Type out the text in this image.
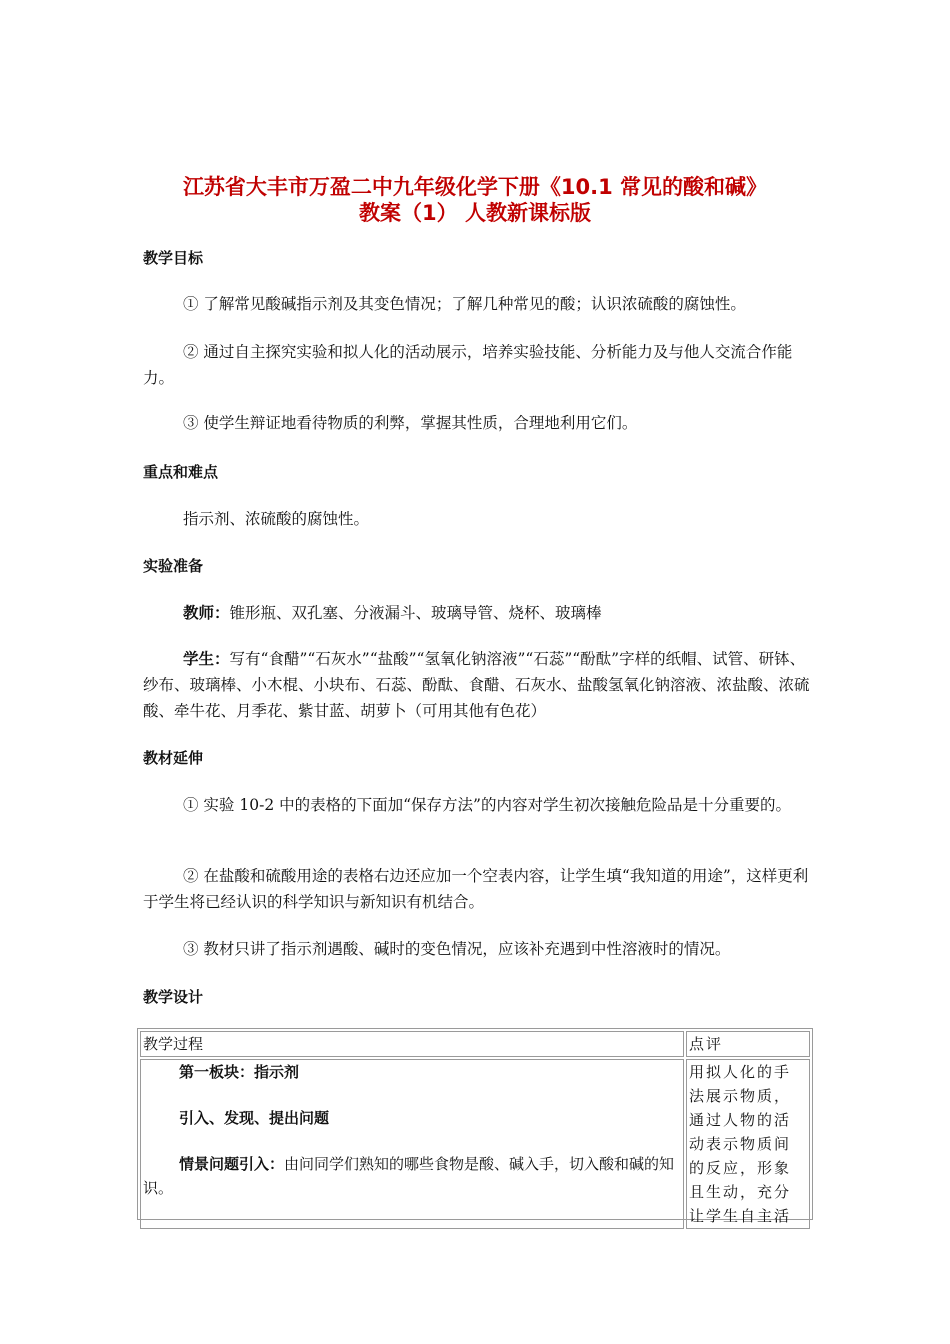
江苏省大丰市万盈二中九年级化学下册《10.1 常见的酸和碱》
教案（1） 人教新课标版
教学目标
① 了解常见酸碱指示剂及其变色情况；了解几种常见的酸；认识浓硫酸的腐蚀性。
② 通过自主探究实验和拟人化的活动展示，培养实验技能、分析能力及与他人交流合作能力。
③ 使学生辩证地看待物质的利弊，掌握其性质，合理地利用它们。
重点和难点
指示剂、浓硫酸的腐蚀性。
实验准备
教师：锥形瓶、双孔塞、分液漏斗、玻璃导管、烧杯、玻璃棒
学生：写有“食醋”“石灰水”“盐酸”“氢氧化钠溶液”“石蕊”“酚酞”字样的纸帽、试管、研钵、纱布、玻璃棒、小木棍、小块布、石蕊、酚酞、食醋、石灰水、盐酸氢氧化钠溶液、浓盐酸、浓硫酸、牵牛花、月季花、紫甘蓝、胡萝卜（可用其他有色花）
教材延伸
① 实验 10-2 中的表格的下面加“保存方法”的内容对学生初次接触危险品是十分重要的。
② 在盐酸和硫酸用途的表格右边还应加一个空表内容，让学生填“我知道的用途”，这样更利于学生将已经认识的科学知识与新知识有机结合。
③ 教材只讲了指示剂遇酸、碱时的变色情况，应该补充遇到中性溶液时的情况。
教学设计
教学过程	点评

第一板块：指示剂

引入、发现、提出问题

情景问题引入：由问同学们熟知的哪些食物是酸、碱入手，切入酸和碱的知识。	用拟人化的手法展示物质，通过人物的活动表示物质间的反应，形象且生动，充分让学生自主活
